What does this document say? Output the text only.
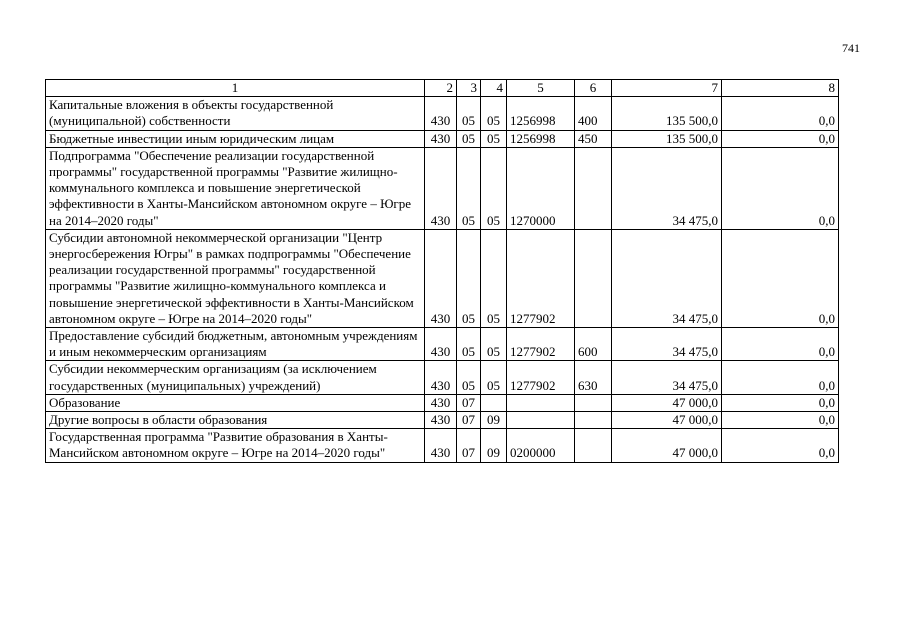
741
1	2	3	4	5	6	7	8
Капитальные вложения в объекты государственной (муниципальной) собственности	430	05	05	1256998	400	135 500,0	0,0
Бюджетные инвестиции иным юридическим лицам	430	05	05	1256998	450	135 500,0	0,0
Подпрограмма "Обеспечение реализации государственной программы" государственной программы "Развитие жилищно-коммунального комплекса и повышение энергетической эффективности в Ханты-Мансийском автономном округе – Югре на 2014–2020 годы"	430	05	05	1270000		34 475,0	0,0
Субсидии автономной некоммерческой организации "Центр энергосбережения Югры" в рамках подпрограммы "Обеспечение реализации государственной программы" государственной программы "Развитие жилищно-коммунального комплекса и повышение энергетической эффективности в Ханты-Мансийском автономном округе – Югре на 2014–2020 годы"	430	05	05	1277902		34 475,0	0,0
Предоставление субсидий бюджетным, автономным учреждениям и иным некоммерческим организациям	430	05	05	1277902	600	34 475,0	0,0
Субсидии некоммерческим организациям (за исключением государственных (муниципальных) учреждений)	430	05	05	1277902	630	34 475,0	0,0
Образование	430	07				47 000,0	0,0
Другие вопросы в области образования	430	07	09			47 000,0	0,0
Государственная программа "Развитие образования в Ханты-Мансийском автономном округе – Югре на 2014–2020 годы"	430	07	09	0200000		47 000,0	0,0
